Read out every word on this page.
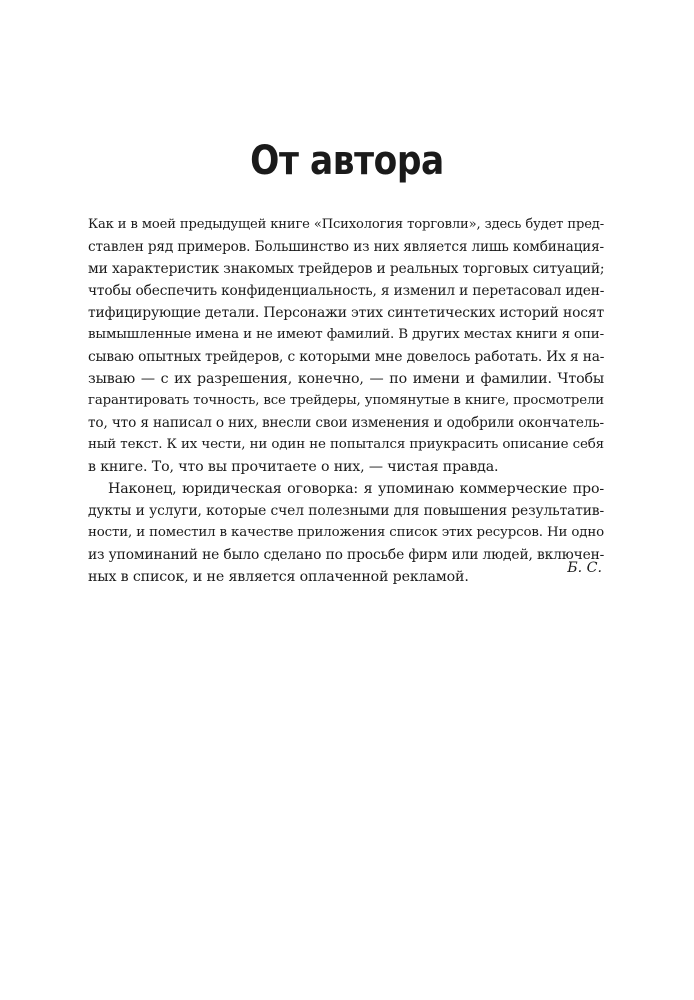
От автора
Как и в моей предыдущей книге «Психология торговли», здесь будет пред-
ставлен ряд примеров. Большинство из них является лишь комбинация-
ми характеристик знакомых трейдеров и реальных торговых ситуаций;
чтобы обеспечить конфиденциальность, я изменил и перетасовал иден-
тифицирующие детали. Персонажи этих синтетических историй носят
вымышленные имена и не имеют фамилий. В других местах книги я опи-
сываю опытных трейдеров, с которыми мне довелось работать. Их я на-
зываю — с их разрешения, конечно, — по имени и фамилии. Чтобы
гарантировать точность, все трейдеры, упомянутые в книге, просмотрели
то, что я написал о них, внесли свои изменения и одобрили окончатель-
ный текст. К их чести, ни один не попытался приукрасить описание себя
в книге. То, что вы прочитаете о них, — чистая правда.
Наконец, юридическая оговорка: я упоминаю коммерческие про-
дукты и услуги, которые счел полезными для повышения результатив-
ности, и поместил в качестве приложения список этих ресурсов. Ни одно
из упоминаний не было сделано по просьбе фирм или людей, включен-
ных в список, и не является оплаченной рекламой.
Б. С.
